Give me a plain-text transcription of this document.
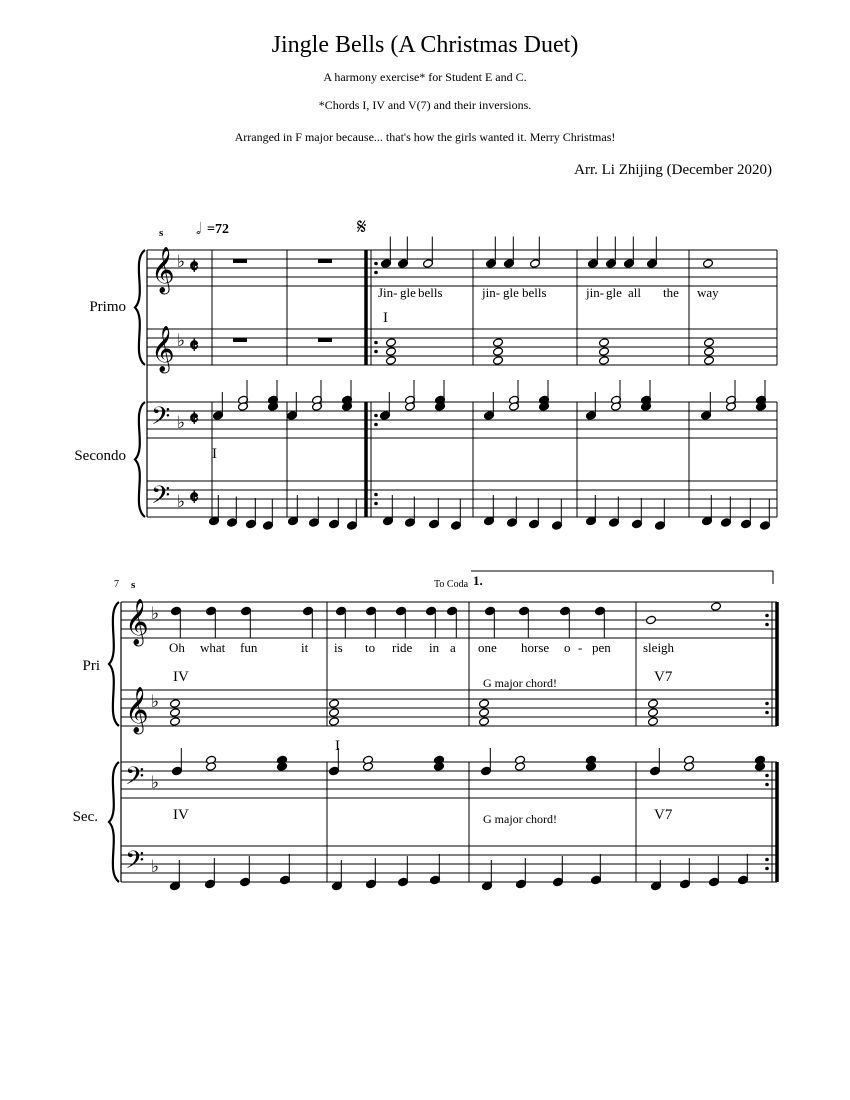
Jingle Bells (A Christmas Duet)
A harmony exercise* for Student E and C.
*Chords I, IV and V(7) and their inversions.
Arranged in F major because... that's how the girls wanted it. Merry Christmas!
Arr. Li Zhijing (December 2020)
𝄞 ♭ 𝄵
𝄞 ♭ 𝄵
𝄢 ♭ 𝄵
𝄢 ♭ 𝄵
𝄞 ♭
𝄞 ♭
𝄢 ♭
𝄢 ♭
Primo
Secondo
Pri
Sec.
𝅗𝅥 =72
s	𝄋
7 s	To Coda 1.
Jin- gle bells	jin- gle bells	jin- gle all the way
Oh what fun	it is to ride in a one horse o - pen sleigh
I
I
IV	G major chord!	V7
I
IV	G major chord!	V7
